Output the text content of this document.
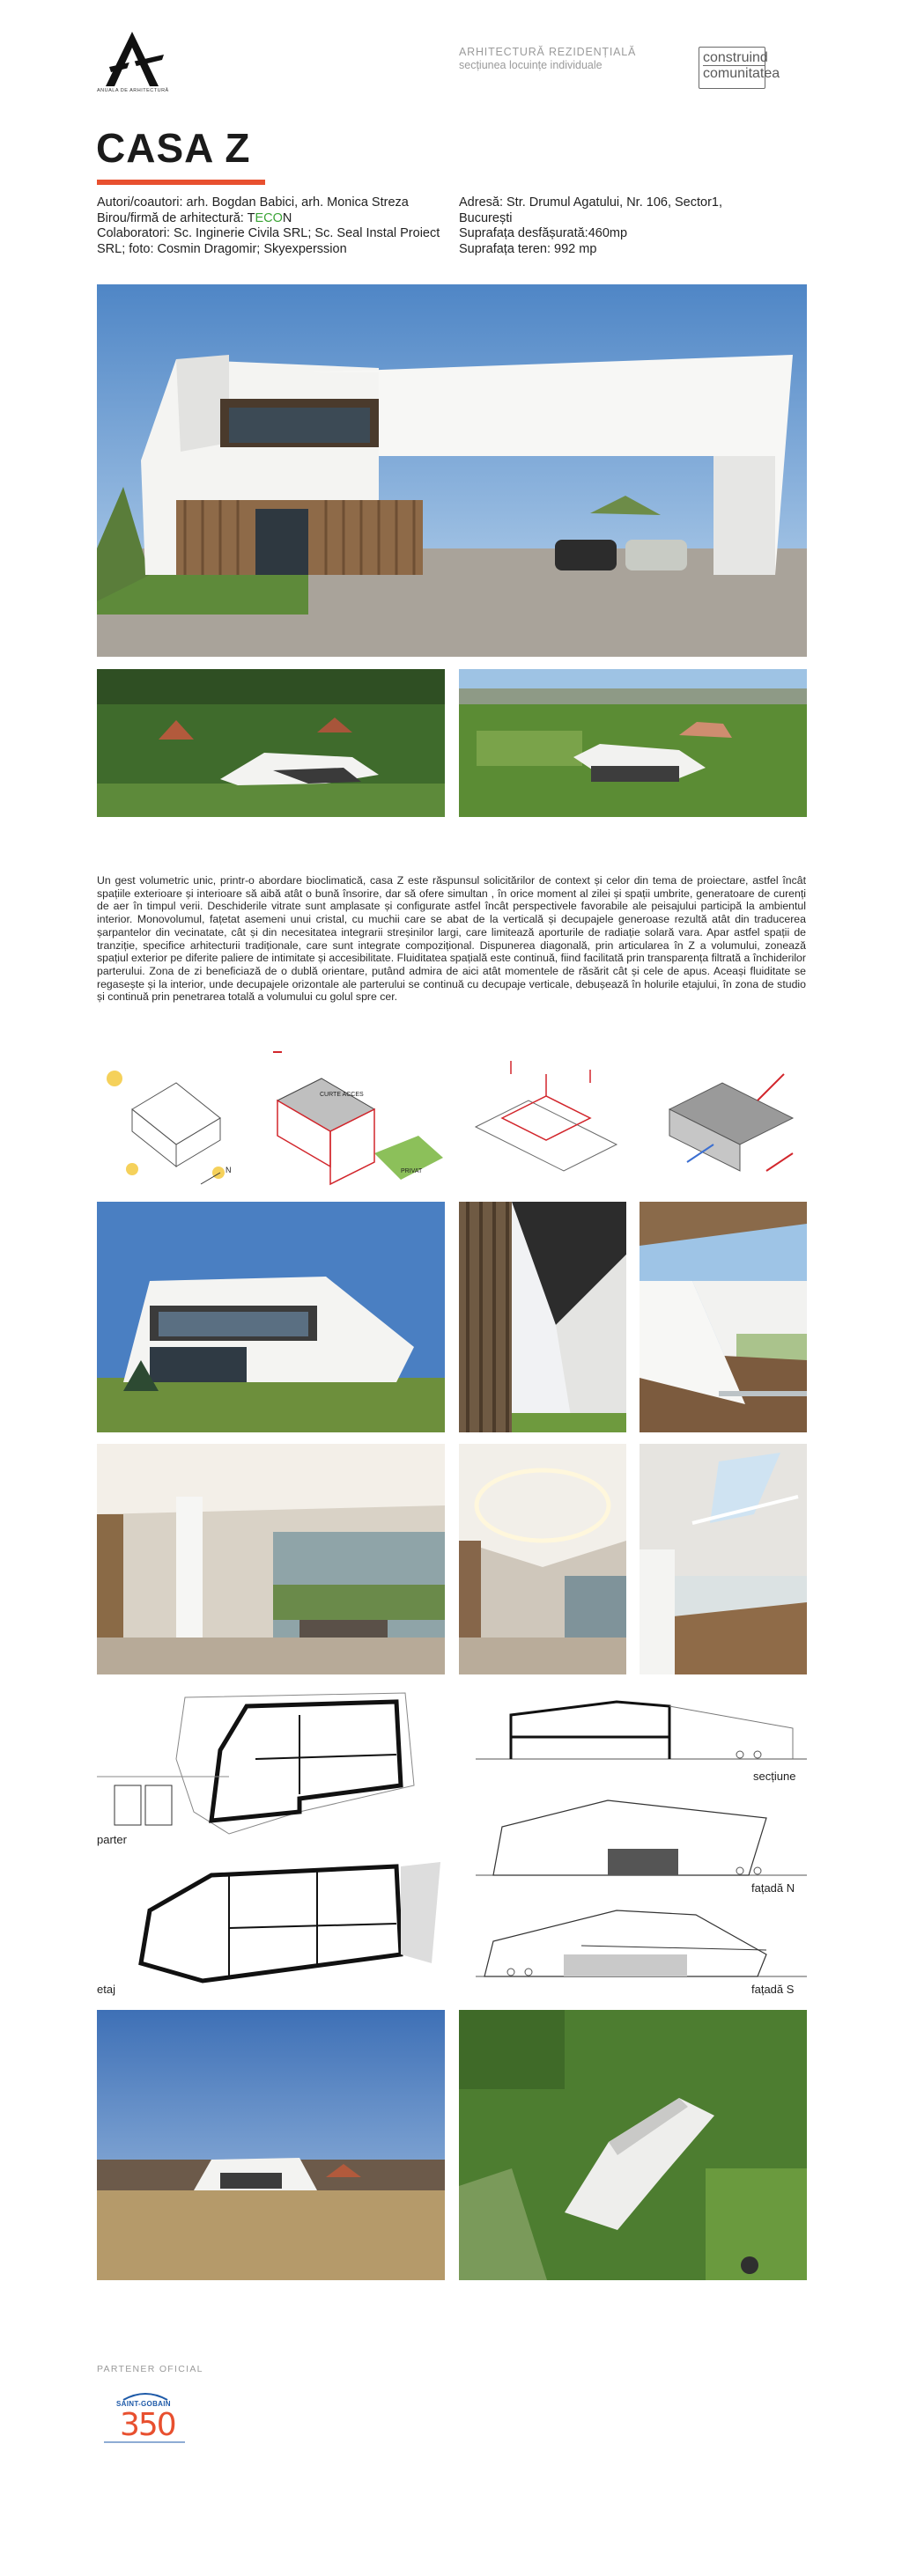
ANUALA DE ARHITECTURĂ
ARHITECTURĂ REZIDENȚIALĂ
secțiunea locuințe individuale	construind
comunitatea
CASA Z
Autori/coautori: arh. Bogdan Babici, arh. Monica Streza
Birou/firmă de arhitectură: TECON
Colaboratori: Sc. Inginerie Civila SRL; Sc. Seal Instal Proiect SRL; foto: Cosmin Dragomir; Skyexperssion
Adresă: Str. Drumul Agatului, Nr. 106, Sector1, București
Suprafața desfășurată:460mp
Suprafața teren: 992 mp
Un gest volumetric unic, printr-o abordare bioclimatică, casa Z este răspunsul solicitărilor de context și celor din tema de proiectare, astfel încât spațiile exterioare și interioare să aibă atât o bună însorire, dar să ofere simultan , în orice moment al zilei și spații umbrite, generatoare de curenți de aer în timpul verii. Deschiderile vitrate sunt amplasate și configurate astfel încât perspectivele favorabile ale peisajului participă la ambientul interior. Monovolumul, fațetat asemeni unui cristal, cu muchii care se abat de la verticală și decupajele generoase rezultă atât din traducerea șarpantelor din vecinatate, cât și din necesitatea integrarii streșinilor largi, care limitează aporturile de radiație solară vara. Apar astfel spații de tranziție, specifice arhitecturii tradiționale, care sunt integrate compozițional. Dispunerea diagonală, prin articularea în Z a volumului, zonează spațiul exterior pe diferite paliere de intimitate și accesibilitate. Fluiditatea spațială este continuă, fiind facilitată prin transparența filtrată a închiderilor parterului. Zona de zi beneficiază de o dublă orientare, putând admira de aici atât momentele de răsărit cât și cele de apus. Aceași fluiditate se regasește și la interior, unde decupajele orizontale ale parterului se continuă cu decupaje verticale, debușează în holurile etajului, în zona de studio și continuă prin penetrarea totală a volumului cu golul spre cer.
N
CURTE ACCES
PRIVAT
parter
secțiune
fațadă N
etaj	fațadă S
PARTENER OFICIAL
SAINT-GOBAIN
350
